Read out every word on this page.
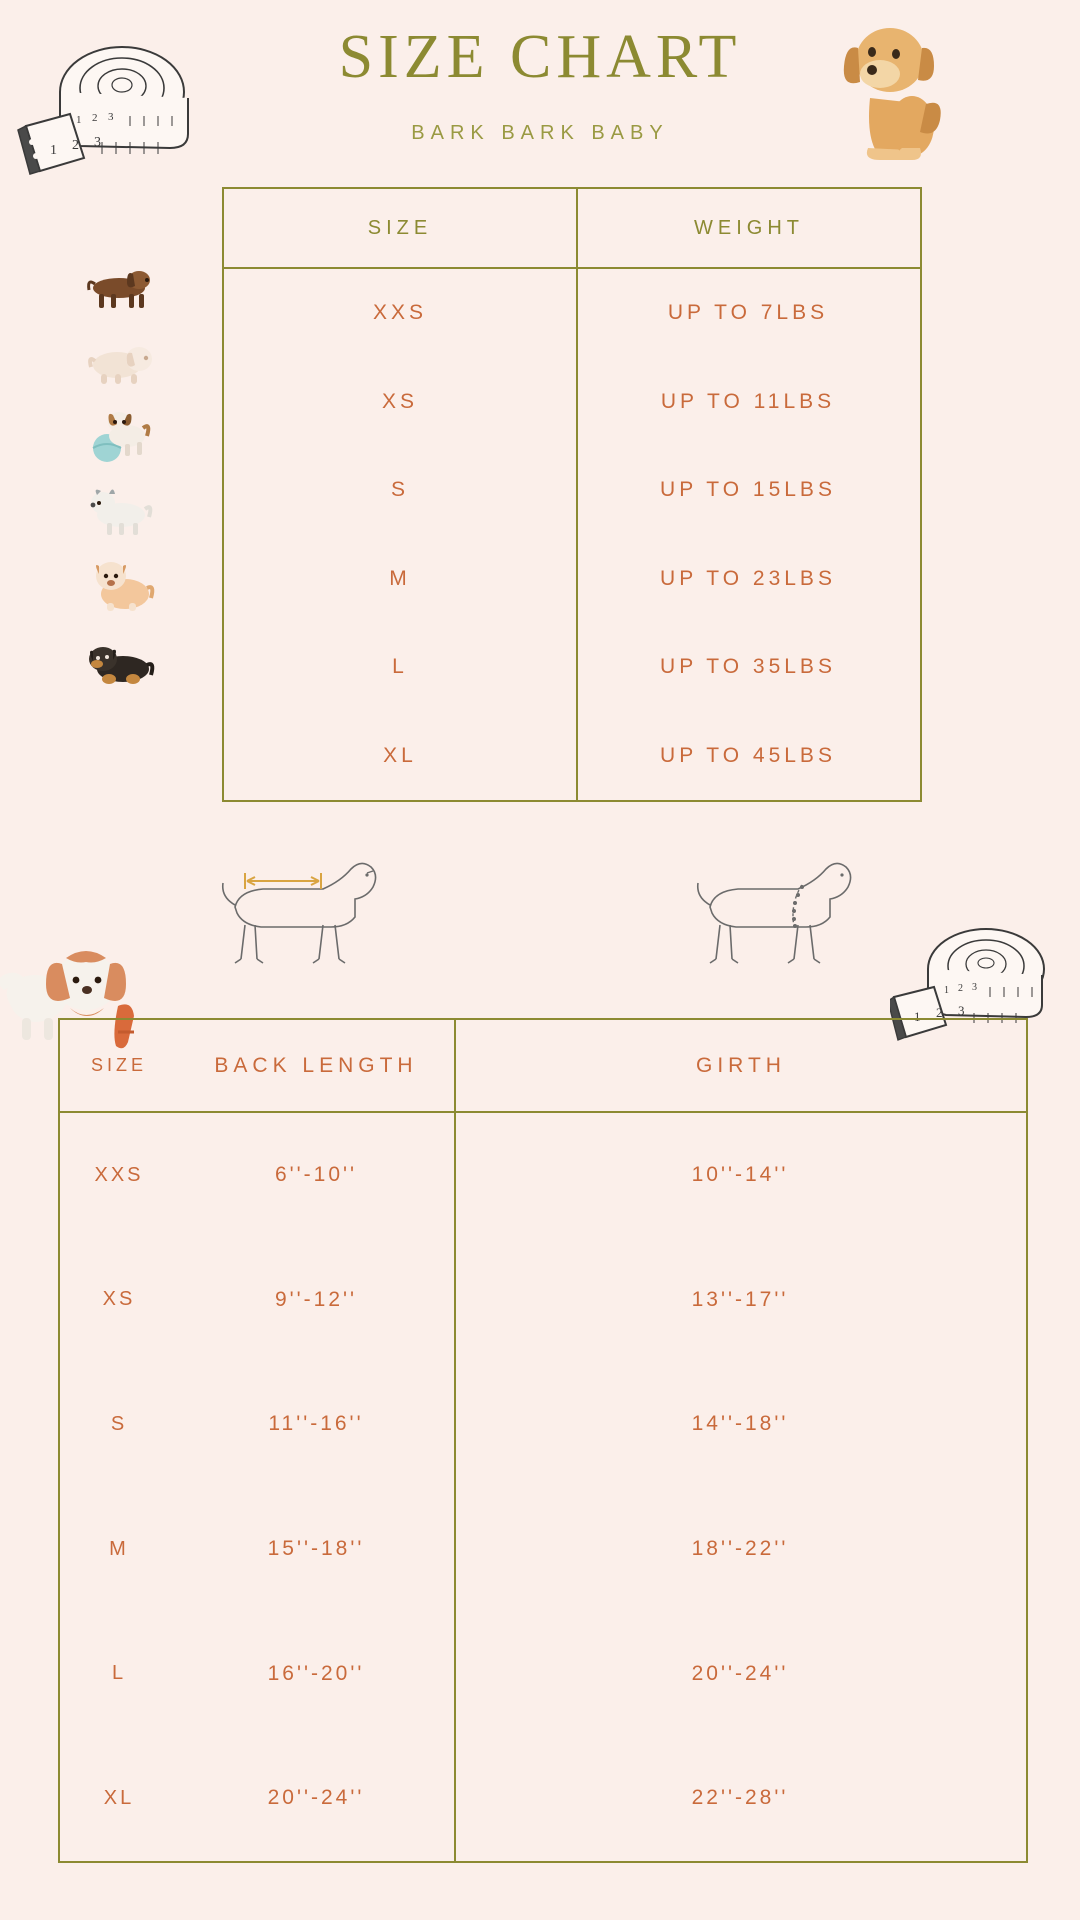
SIZE CHART
BARK BARK BABY
1 2 3
1 2 3
SIZE	WEIGHT
XXS	UP TO 7LBS
XS	UP TO 11LBS
S	UP TO 15LBS
M	UP TO 23LBS
L	UP TO 35LBS
XL	UP TO 45LBS
1 2 3
1 2 3
SIZE	BACK LENGTH	GIRTH
XXS	6''-10''	10''-14''
XS	9''-12''	13''-17''
S	11''-16''	14''-18''
M	15''-18''	18''-22''
L	16''-20''	20''-24''
XL	20''-24''	22''-28''
